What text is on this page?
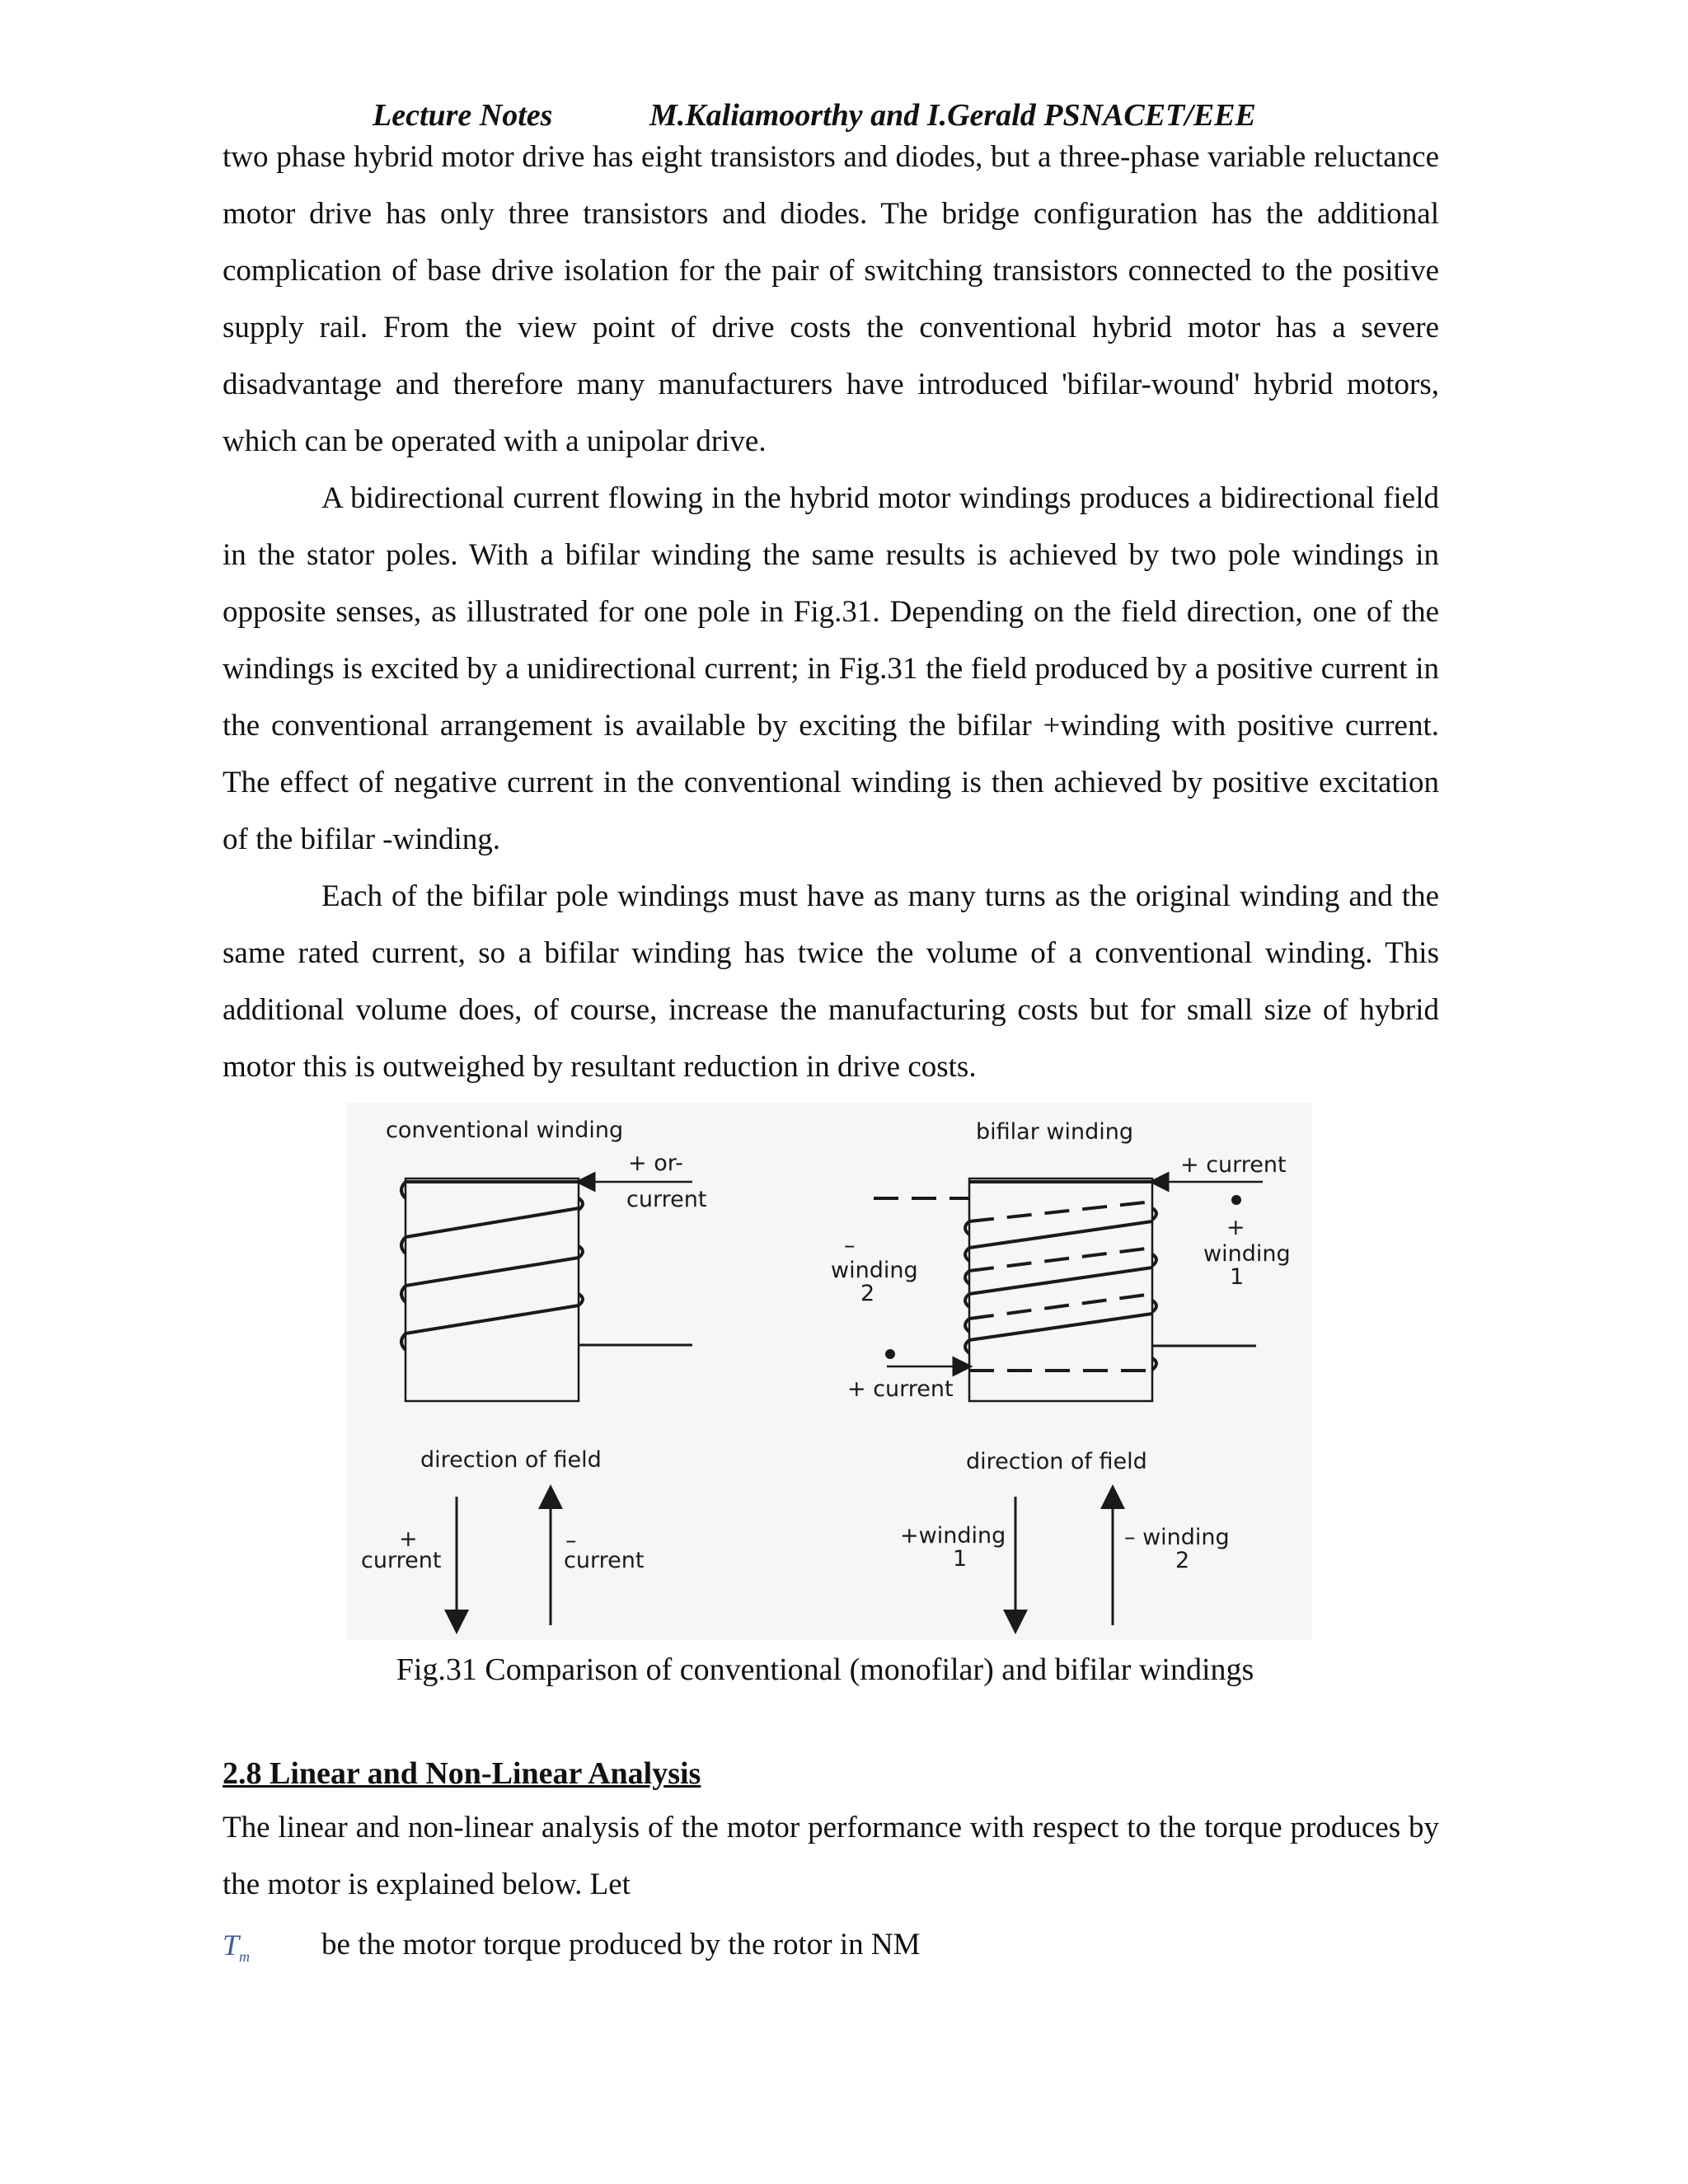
Lecture Notes	M.Kaliamoorthy and I.Gerald PSNACET/EEE

two phase hybrid motor drive has eight transistors and diodes, but a three-phase variable reluctance motor drive has only three transistors and diodes. The bridge configuration has the additional complication of base drive isolation for the pair of switching transistors connected to the positive supply rail. From the view point of drive costs the conventional hybrid motor has a severe disadvantage and therefore many manufacturers have introduced 'bifilar-wound' hybrid motors, which can be operated with a unipolar drive.

A bidirectional current flowing in the hybrid motor windings produces a bidirectional field in the stator poles. With a bifilar winding the same results is achieved by two pole windings in opposite senses, as illustrated for one pole in Fig.31. Depending on the field direction, one of the windings is excited by a unidirectional current; in Fig.31 the field produced by a positive current in the conventional arrangement is available by exciting the bifilar +winding with positive current. The effect of negative current in the conventional winding is then achieved by positive excitation of the bifilar -winding.

Each of the bifilar pole windings must have as many turns as the original winding and the same rated current, so a bifilar winding has twice the volume of a conventional winding. This additional volume does, of course, increase the manufacturing costs but for small size of hybrid motor this is outweighed by resultant reduction in drive costs.

conventional winding
+ or-
current
direction of field
+
current
–
current
bifilar winding
+ current
+
winding
1
–
winding
2
+ current
direction of field
+winding
1
– winding
2
Fig.31 Comparison of conventional (monofilar) and bifilar windings
2.8 Linear and Non-Linear Analysis

The linear and non-linear analysis of the motor performance with respect to the torque produces by the motor is explained below. Let

$T_m$ be the motor torque produced by the rotor in NM
